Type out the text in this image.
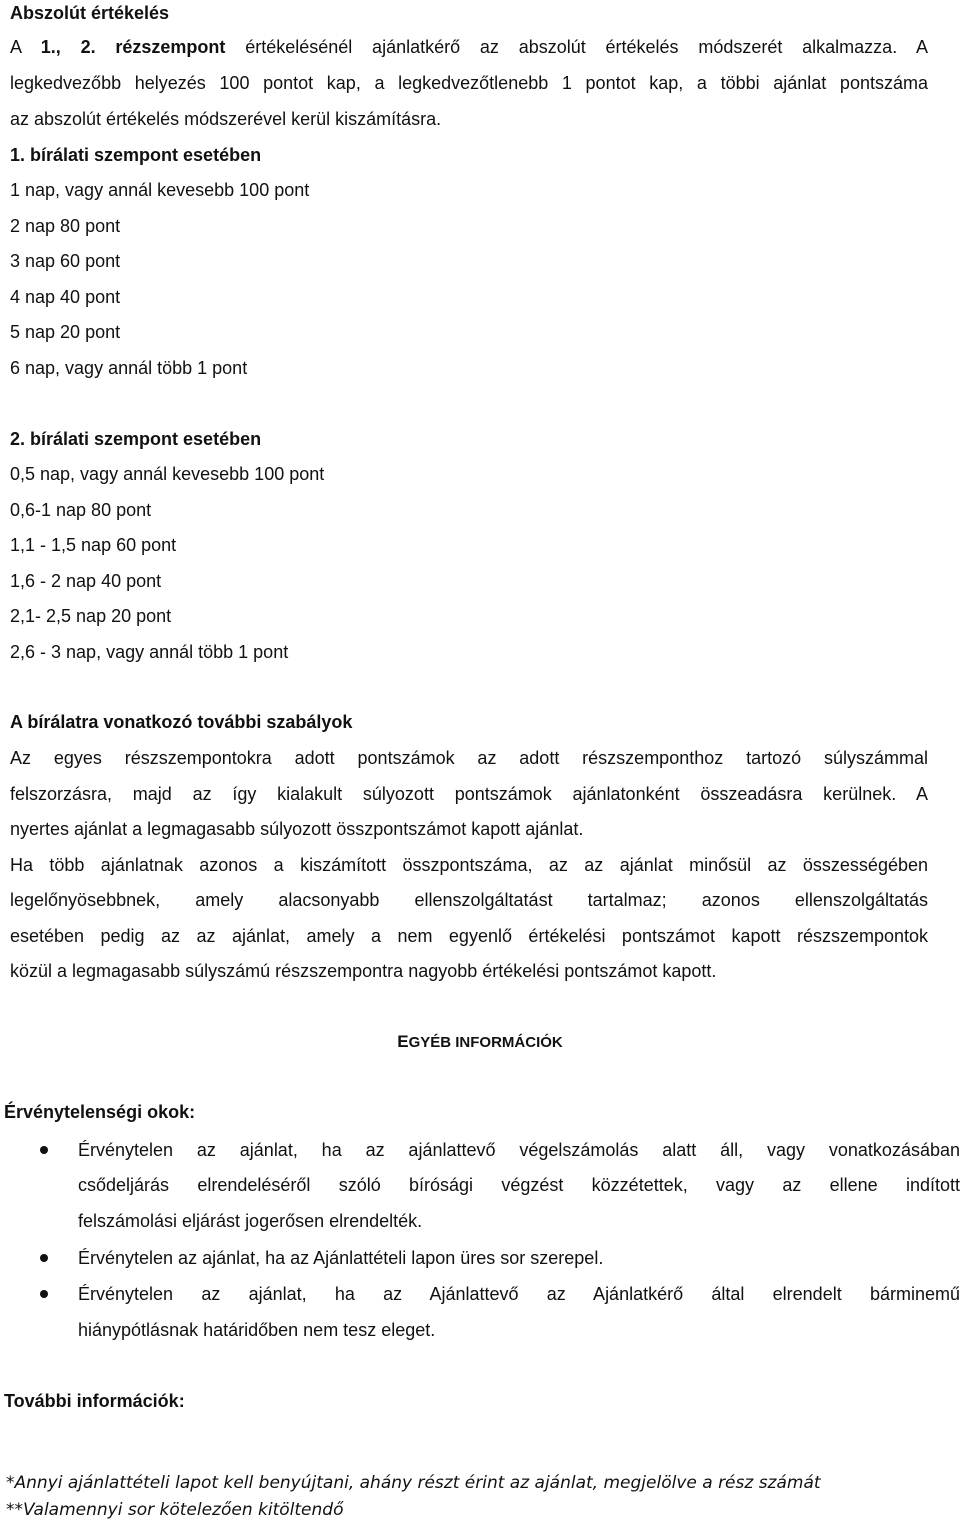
Abszolút értékelés
A 1., 2. rézszempont értékelésénél ajánlatkérő az abszolút értékelés módszerét alkalmazza. A
legkedvezőbb helyezés 100 pontot kap, a legkedvezőtlenebb 1 pontot kap, a többi ajánlat pontszáma
az abszolút értékelés módszerével kerül kiszámításra.
1. bírálati szempont esetében
1 nap, vagy annál kevesebb 100 pont
2 nap 80 pont
3 nap 60 pont
4 nap 40 pont
5 nap 20 pont
6 nap, vagy annál több 1 pont
2. bírálati szempont esetében
0,5 nap, vagy annál kevesebb 100 pont
0,6-1 nap 80 pont
1,1 - 1,5 nap 60 pont
1,6 - 2 nap 40 pont
2,1- 2,5 nap 20 pont
2,6 - 3 nap, vagy annál több 1 pont
A bírálatra vonatkozó további szabályok
Az egyes részszempontokra adott pontszámok az adott részszemponthoz tartozó súlyszámmal
felszorzásra, majd az így kialakult súlyozott pontszámok ajánlatonként összeadásra kerülnek. A
nyertes ajánlat a legmagasabb súlyozott összpontszámot kapott ajánlat.
Ha több ajánlatnak azonos a kiszámított összpontszáma, az az ajánlat minősül az összességében
legelőnyösebbnek, amely alacsonyabb ellenszolgáltatást tartalmaz; azonos ellenszolgáltatás
esetében pedig az az ajánlat, amely a nem egyenlő értékelési pontszámot kapott részszempontok
közül a legmagasabb súlyszámú részszempontra nagyobb értékelési pontszámot kapott.
EGYÉB INFORMÁCIÓK
Érvénytelenségi okok:
Érvénytelen az ajánlat, ha az ajánlattevő végelszámolás alatt áll, vagy vonatkozásában
csődeljárás elrendeléséről szóló bírósági végzést közzétettek, vagy az ellene indított
felszámolási eljárást jogerősen elrendelték.
Érvénytelen az ajánlat, ha az Ajánlattételi lapon üres sor szerepel.
Érvénytelen az ajánlat, ha az Ajánlattevő az Ajánlatkérő által elrendelt bárminemű
hiánypótlásnak határidőben nem tesz eleget.
További információk:
*Annyi ajánlattételi lapot kell benyújtani, ahány részt érint az ajánlat, megjelölve a rész számát
**Valamennyi sor kötelezően kitöltendő
